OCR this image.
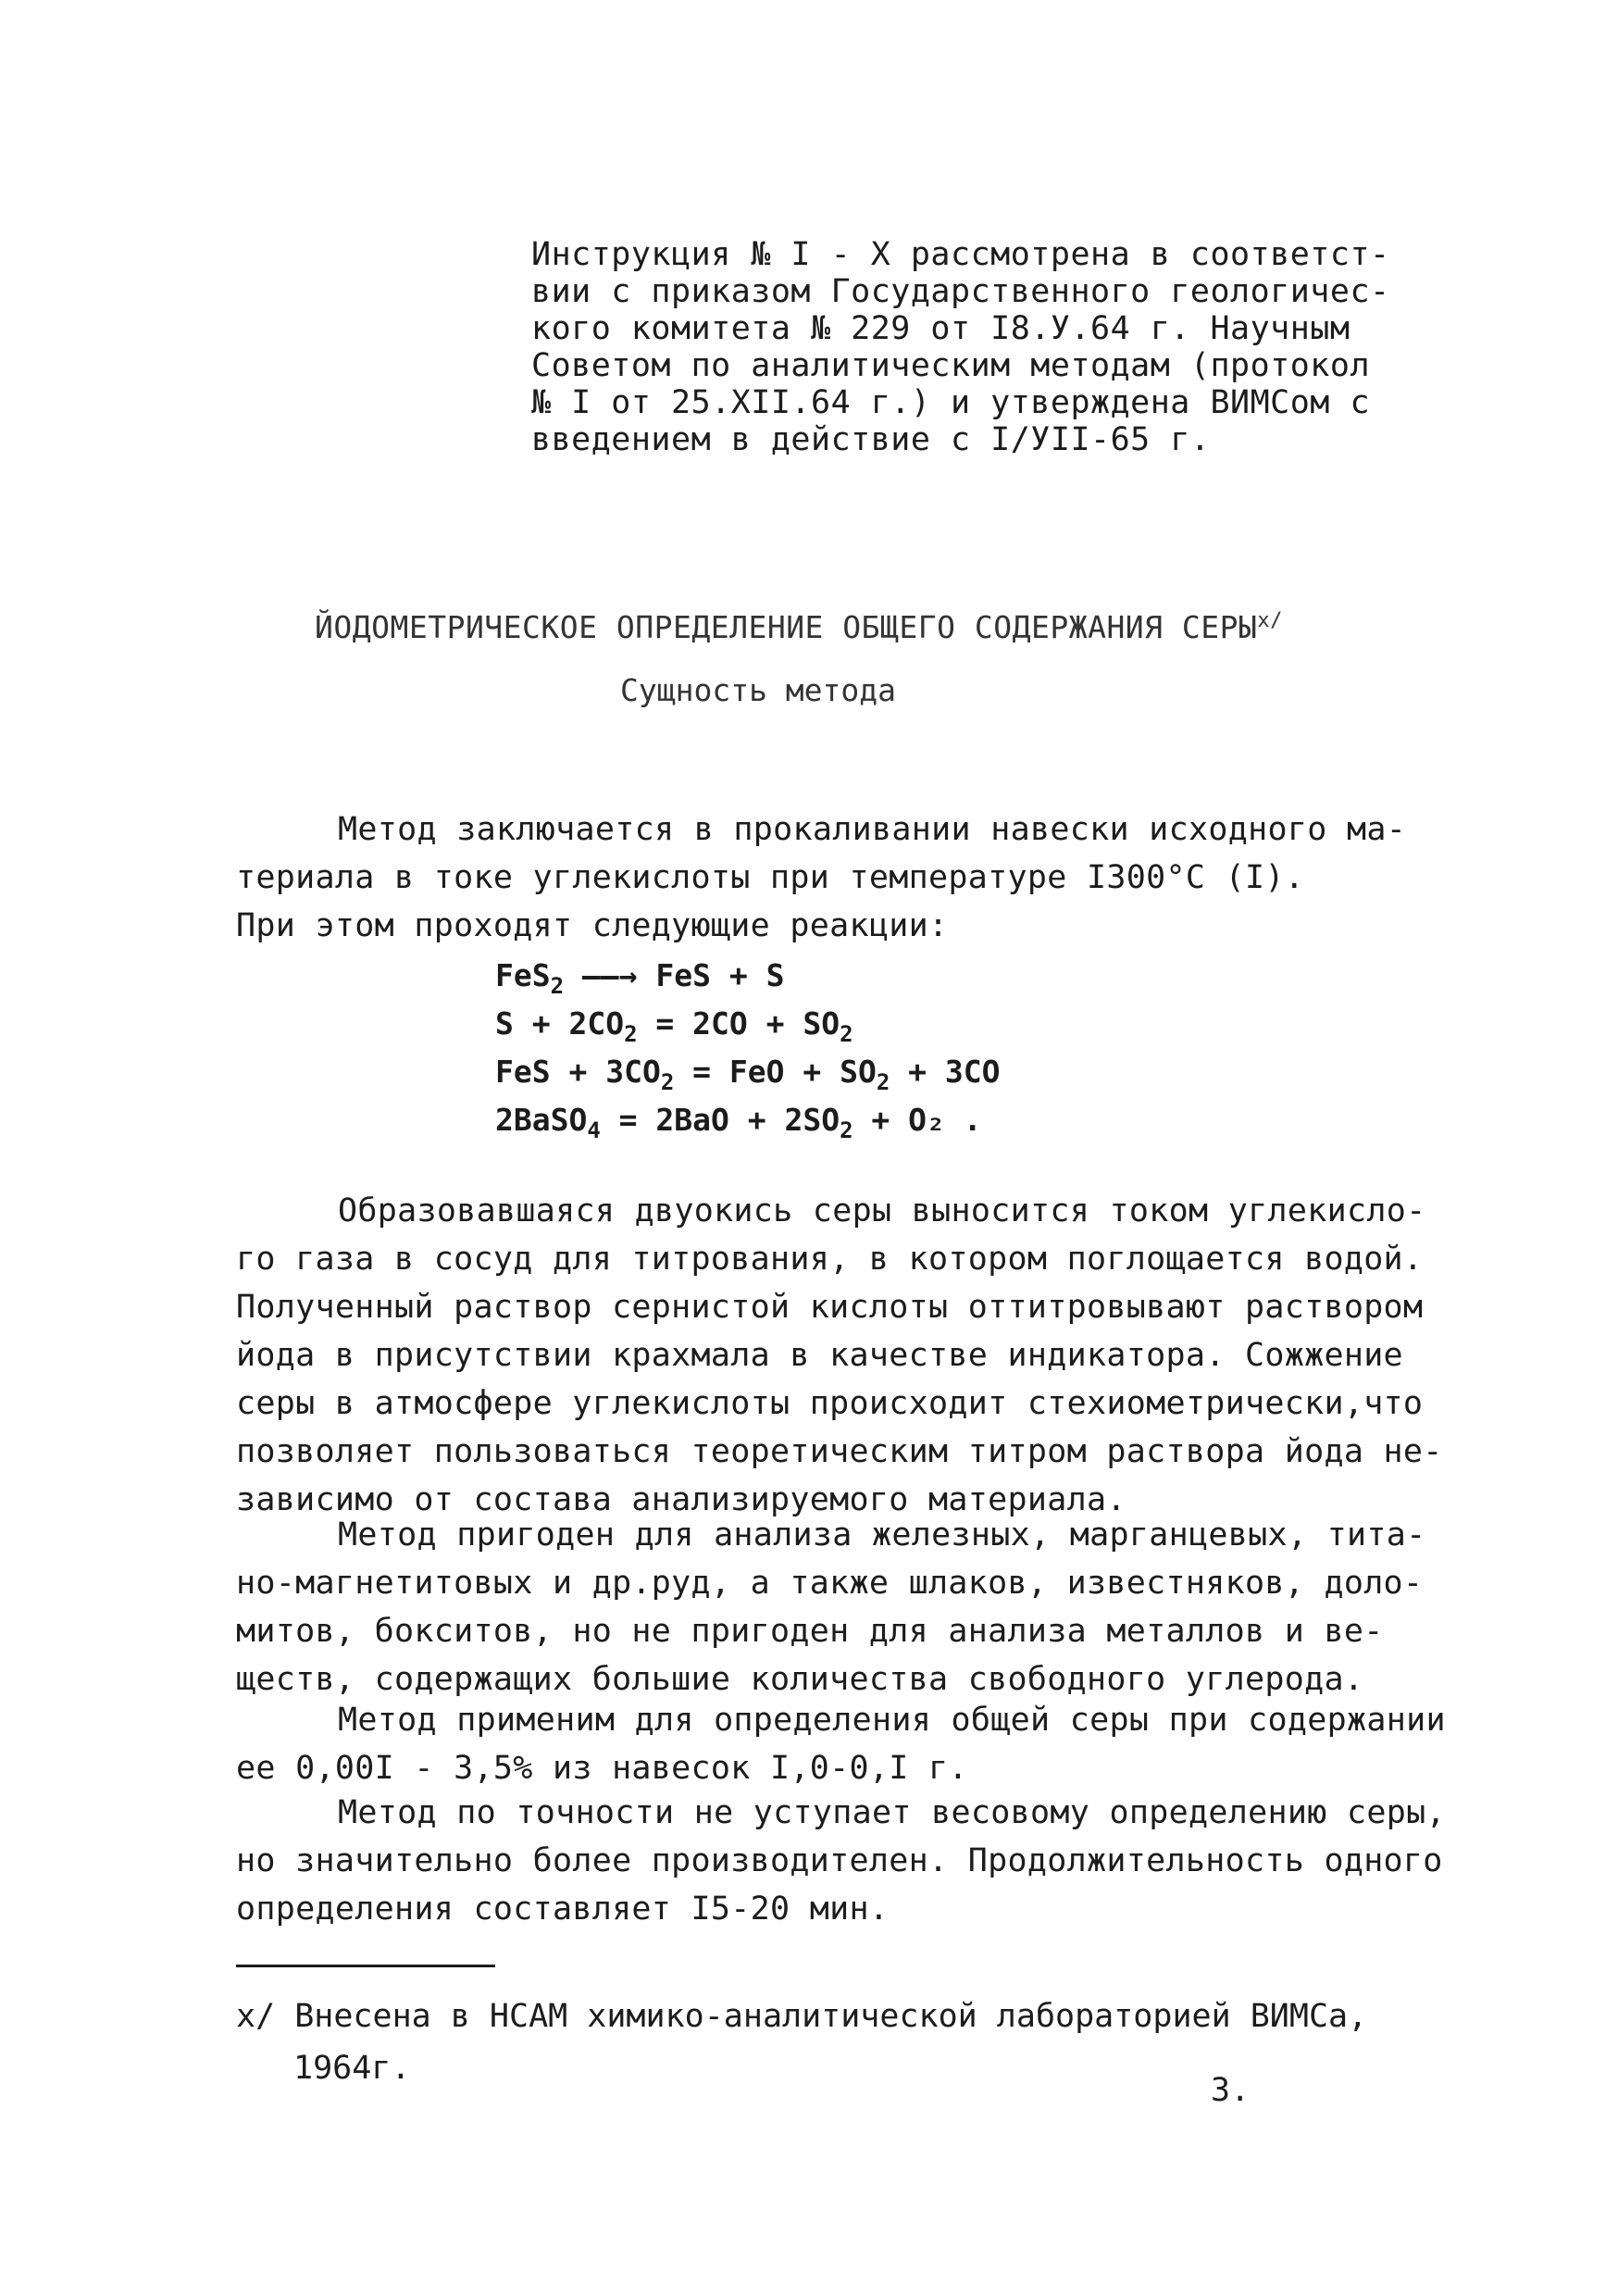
Инструкция № I - X рассмотрена в соответст-
вии с приказом Государственного геологичес-
кого комитета № 229 от I8.У.64 г. Научным
Советом по аналитическим методам (протокол
№ I от 25.XII.64 г.) и утверждена ВИМСом с
введением в действие с I/УII-65 г.
ЙОДОМЕТРИЧЕСКОЕ ОПРЕДЕЛЕНИЕ ОБЩЕГО СОДЕРЖАНИЯ $СЕРЫ^{x/}$
Сущность метода
Метод заключается в прокаливании навески исходного ма-
териала в токе углекислоты при температуре I300°С (I).
При этом проходят следующие реакции:
FeS$_2$ ——→ FeS + S
$S + 2CO_2 = 2CO + SO_2$
FeS + $3CO_2$ = FeO + $SO_2 + 3CO$
2BaSO$_4$ = $2BaO + 2SO_2 + O_2$ .
Образовавшаяся двуокись серы выносится током углекисло-
го газа в сосуд для титрования, в котором поглощается водой.
Полученный раствор сернистой кислоты оттитровывают раствором
йода в присутствии крахмала в качестве индикатора. Сожжение
серы в атмосфере углекислоты происходит стехиометрически,что
позволяет пользоваться теоретическим титром раствора йода не-
зависимо от состава анализируемого материала.
Метод пригоден для анализа железных, марганцевых, тита-
но-магнетитовых и др.руд, а также шлаков, известняков, доло-
митов, бокситов, но не пригоден для анализа металлов и ве-
ществ, содержащих большие количества свободного углерода.
Метод применим для определения общей серы при содержании
ее 0,00I - 3,5% из навесок I,0-0,I г.
Метод по точности не уступает весовому определению серы,
но значительно более производителен. Продолжительность одного
определения составляет I5-20 мин.
x/ Внесена в НСАМ химико-аналитической лабораторией ВИМСа,
1964г.
3.
